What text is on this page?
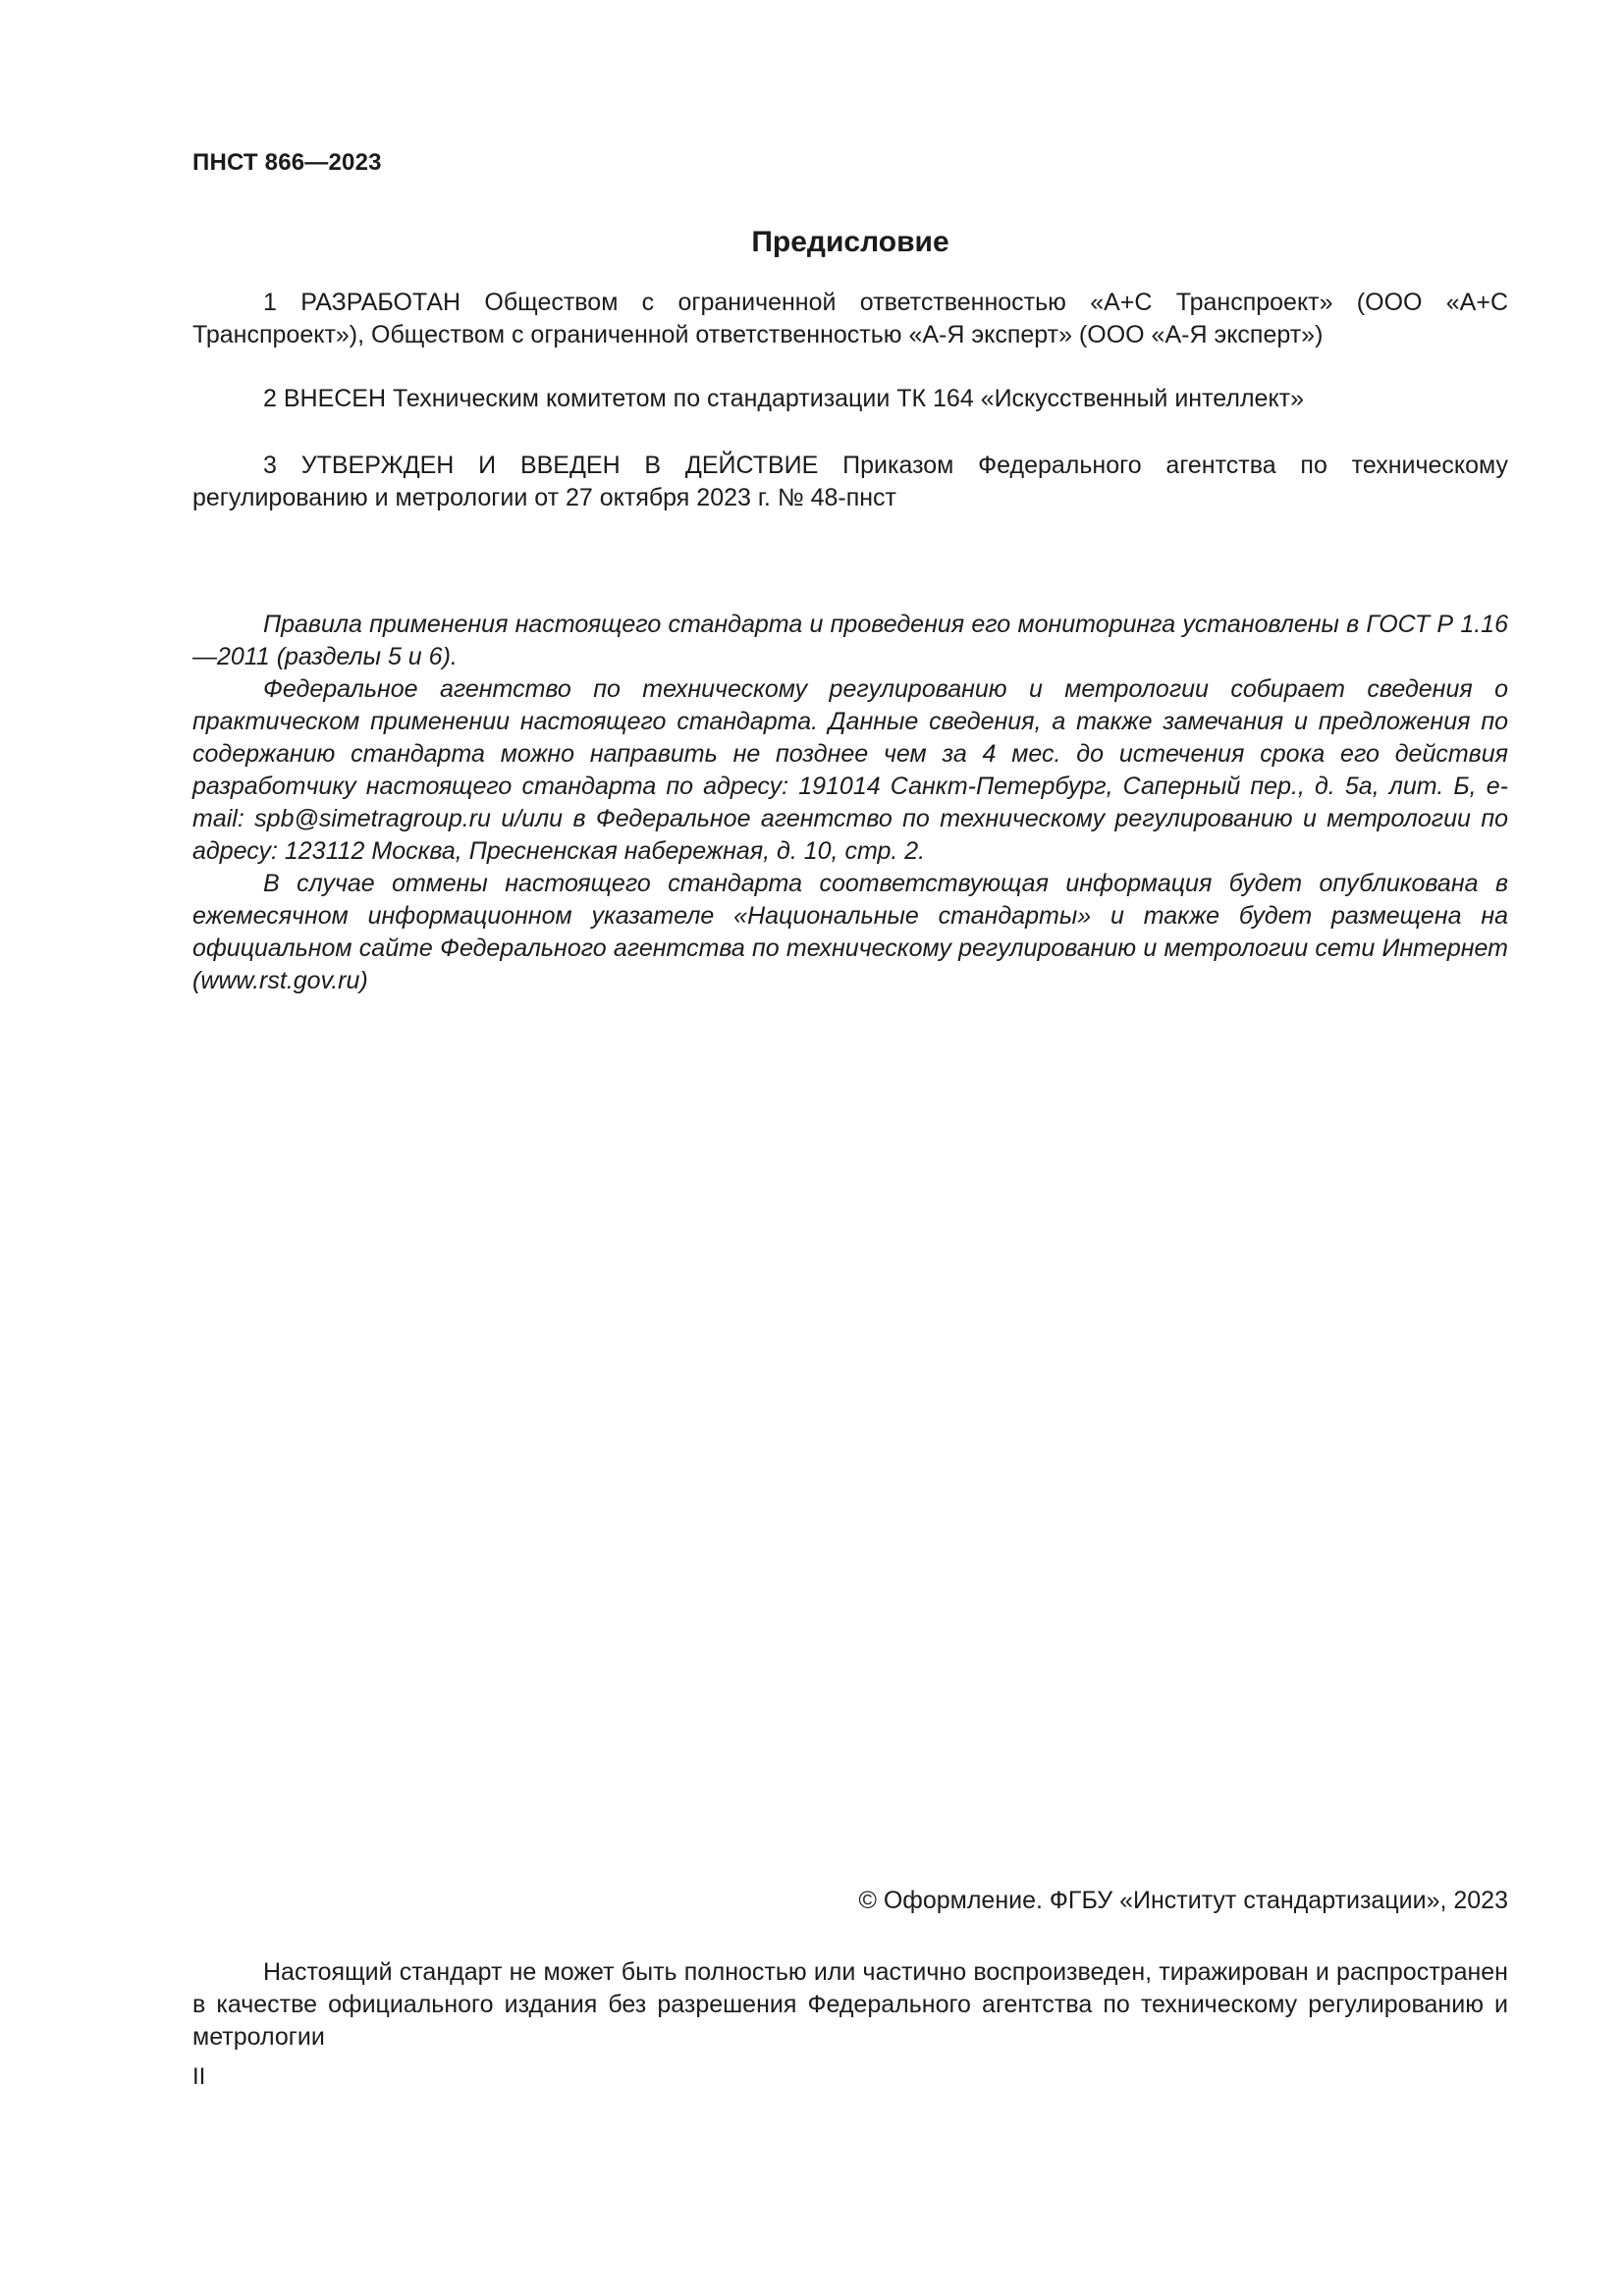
ПНСТ 866—2023
Предисловие
1 РАЗРАБОТАН Обществом с ограниченной ответственностью «А+С Транспроект» (ООО «А+С Транспроект»), Обществом с ограниченной ответственностью «А-Я эксперт» (ООО «А-Я эксперт»)
2 ВНЕСЕН Техническим комитетом по стандартизации ТК 164 «Искусственный интеллект»
3 УТВЕРЖДЕН И ВВЕДЕН В ДЕЙСТВИЕ Приказом Федерального агентства по техническому регулированию и метрологии от 27 октября 2023 г. № 48-пнст

Правила применения настоящего стандарта и проведения его мониторинга установлены в ГОСТ Р 1.16—2011 (разделы 5 и 6).

Федеральное агентство по техническому регулированию и метрологии собирает сведения о практическом применении настоящего стандарта. Данные сведения, а также замечания и предложения по содержанию стандарта можно направить не позднее чем за 4 мес. до истечения срока его действия разработчику настоящего стандарта по адресу: 191014 Санкт-Петербург, Саперный пер., д. 5а, лит. Б, e-mail: spb@simetragroup.ru и/или в Федеральное агентство по техническому регулированию и метрологии по адресу: 123112 Москва, Пресненская набережная, д. 10, стр. 2.

В случае отмены настоящего стандарта соответствующая информация будет опубликована в ежемесячном информационном указателе «Национальные стандарты» и также будет размещена на официальном сайте Федерального агентства по техническому регулированию и метрологии сети Интернет (www.rst.gov.ru)

© Оформление. ФГБУ «Институт стандартизации», 2023
Настоящий стандарт не может быть полностью или частично воспроизведен, тиражирован и распространен в качестве официального издания без разрешения Федерального агентства по техническому регулированию и метрологии
II
